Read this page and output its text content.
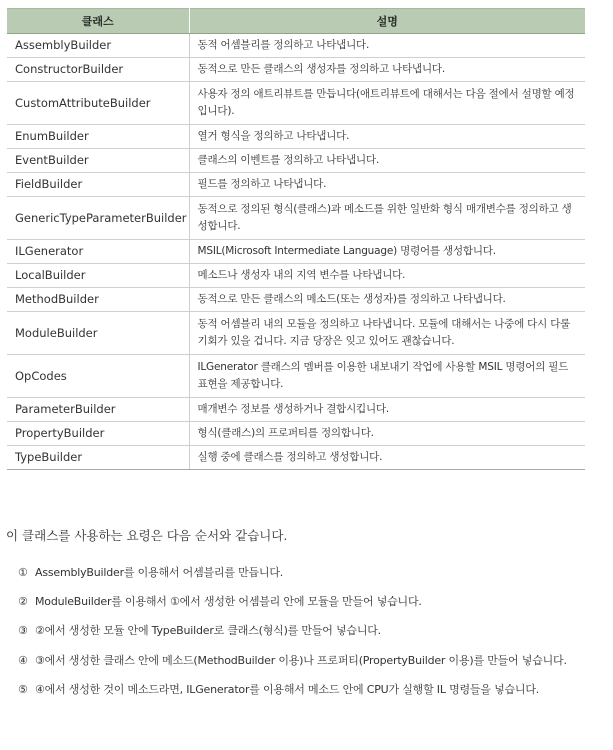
클래스	설명
AssemblyBuilder	동적 어셈블리를 정의하고 나타냅니다.
ConstructorBuilder	동적으로 만든 클래스의 생성자를 정의하고 나타냅니다.
CustomAttributeBuilder	사용자 정의 애트리뷰트를 만듭니다(애트리뷰트에 대해서는 다음 절에서 설명할 예정입니다).
EnumBuilder	열거 형식을 정의하고 나타냅니다.
EventBuilder	클래스의 이벤트를 정의하고 나타냅니다.
FieldBuilder	필드를 정의하고 나타냅니다.
GenericTypeParameterBuilder	동적으로 정의된 형식(클래스)과 메소드를 위한 일반화 형식 매개변수를 정의하고 생성합니다.
ILGenerator	MSIL(Microsoft Intermediate Language) 명령어를 생성합니다.
LocalBuilder	메소드나 생성자 내의 지역 변수를 나타냅니다.
MethodBuilder	동적으로 만든 클래스의 메소드(또는 생성자)를 정의하고 나타냅니다.
ModuleBuilder	동적 어셈블리 내의 모듈을 정의하고 나타냅니다. 모듈에 대해서는 나중에 다시 다룰 기회가 있을 겁니다. 지금 당장은 잊고 있어도 괜찮습니다.
OpCodes	ILGenerator 클래스의 멤버를 이용한 내보내기 작업에 사용할 MSIL 명령어의 필드 표현을 제공합니다.
ParameterBuilder	매개변수 정보를 생성하거나 결합시킵니다.
PropertyBuilder	형식(클래스)의 프로퍼티를 정의합니다.
TypeBuilder	실행 중에 클래스를 정의하고 생성합니다.
이 클래스를 사용하는 요령은 다음 순서와 같습니다.
① AssemblyBuilder를 이용해서 어셈블리를 만듭니다.
② ModuleBuilder를 이용해서 ①에서 생성한 어셈블리 안에 모듈을 만들어 넣습니다.
③ ②에서 생성한 모듈 안에 TypeBuilder로 클래스(형식)를 만들어 넣습니다.
④ ③에서 생성한 클래스 안에 메소드(MethodBuilder 이용)나 프로퍼티(PropertyBuilder 이용)를 만들어 넣습니다.
⑤ ④에서 생성한 것이 메소드라면, ILGenerator를 이용해서 메소드 안에 CPU가 실행할 IL 명령들을 넣습니다.
